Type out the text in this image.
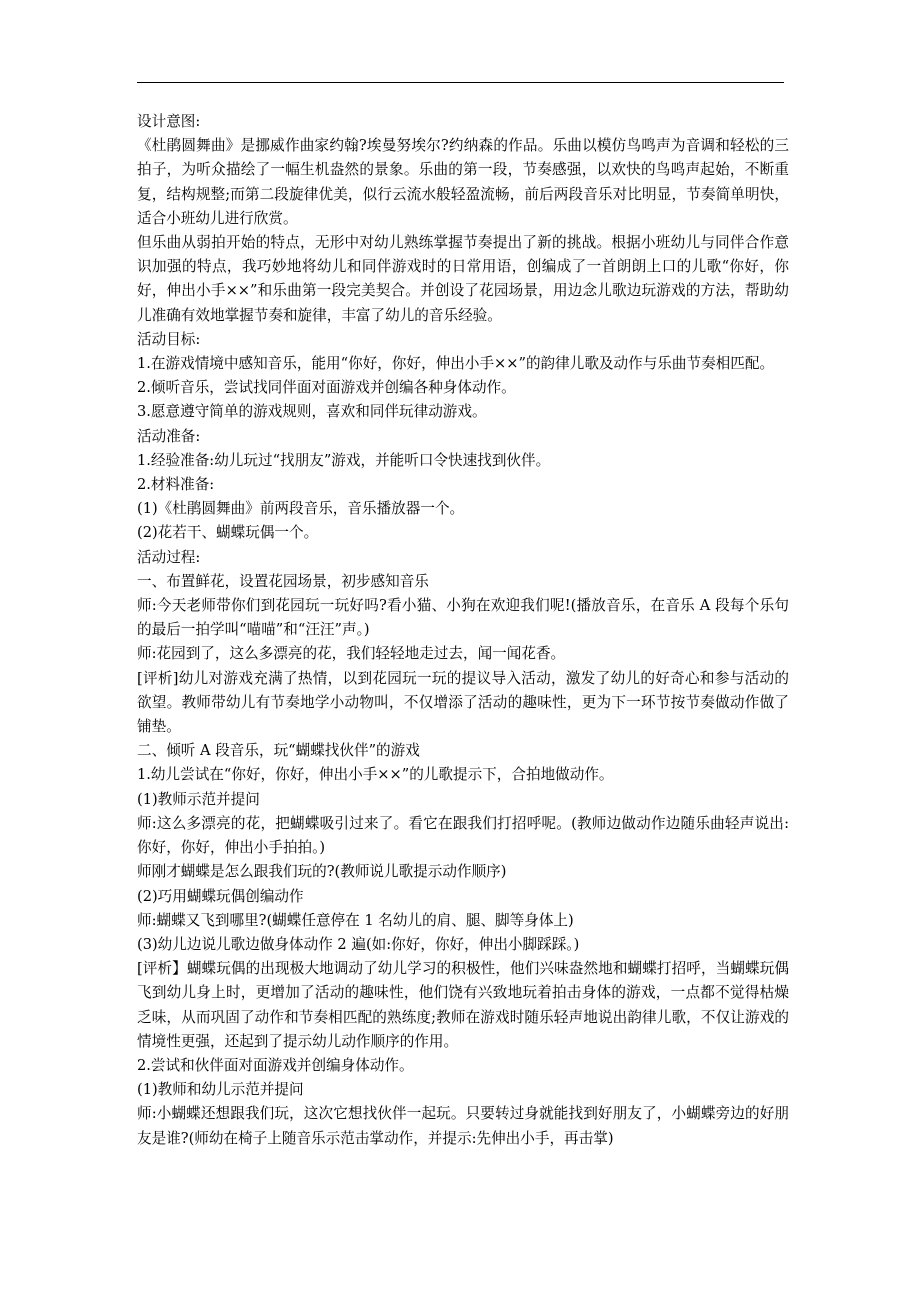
设计意图:

《杜鹃圆舞曲》是挪威作曲家约翰?埃曼努埃尔?约纳森的作品。乐曲以模仿鸟鸣声为音调和轻松的三拍子，为听众描绘了一幅生机盎然的景象。乐曲的第一段，节奏感强，以欢快的鸟鸣声起始，不断重复，结构规整;而第二段旋律优美，似行云流水般轻盈流畅，前后两段音乐对比明显，节奏简单明快，适合小班幼儿进行欣赏。

但乐曲从弱拍开始的特点，无形中对幼儿熟练掌握节奏提出了新的挑战。根据小班幼儿与同伴合作意识加强的特点，我巧妙地将幼儿和同伴游戏时的日常用语，创编成了一首朗朗上口的儿歌“你好，你好，伸出小手××”和乐曲第一段完美契合。并创设了花园场景，用边念儿歌边玩游戏的方法，帮助幼儿准确有效地掌握节奏和旋律，丰富了幼儿的音乐经验。

活动目标:

1.在游戏情境中感知音乐，能用“你好，你好，伸出小手××”的韵律儿歌及动作与乐曲节奏相匹配。

2.倾听音乐，尝试找同伴面对面游戏并创编各种身体动作。

3.愿意遵守简单的游戏规则，喜欢和同伴玩律动游戏。

活动准备:

1.经验准备:幼儿玩过“找朋友”游戏，并能听口令快速找到伙伴。

2.材料准备:

(1)《杜鹃圆舞曲》前两段音乐，音乐播放器一个。

(2)花若干、蝴蝶玩偶一个。

活动过程:

一、布置鲜花，设置花园场景，初步感知音乐

师:今天老师带你们到花园玩一玩好吗?看小猫、小狗在欢迎我们呢!(播放音乐，在音乐 A 段每个乐句的最后一拍学叫“喵喵”和“汪汪”声。)

师:花园到了，这么多漂亮的花，我们轻轻地走过去，闻一闻花香。

[评析]幼儿对游戏充满了热情，以到花园玩一玩的提议导入活动，激发了幼儿的好奇心和参与活动的欲望。教师带幼儿有节奏地学小动物叫，不仅增添了活动的趣味性，更为下一环节按节奏做动作做了铺垫。

二、倾听 A 段音乐，玩“蝴蝶找伙伴”的游戏

1.幼儿尝试在“你好，你好，伸出小手××”的儿歌提示下，合拍地做动作。

(1)教师示范并提问

师:这么多漂亮的花，把蝴蝶吸引过来了。看它在跟我们打招呼呢。(教师边做动作边随乐曲轻声说出:你好，你好，伸出小手拍拍。)

师刚才蝴蝶是怎么跟我们玩的?(教师说儿歌提示动作顺序)

(2)巧用蝴蝶玩偶创编动作

师:蝴蝶又飞到哪里?(蝴蝶任意停在 1 名幼儿的肩、腿、脚等身体上)

(3)幼儿边说儿歌边做身体动作 2 遍(如:你好，你好，伸出小脚踩踩。)

[评析】蝴蝶玩偶的出现极大地调动了幼儿学习的积极性，他们兴味盎然地和蝴蝶打招呼，当蝴蝶玩偶飞到幼儿身上时，更增加了活动的趣味性，他们饶有兴致地玩着拍击身体的游戏，一点都不觉得枯燥乏味，从而巩固了动作和节奏相匹配的熟练度;教师在游戏时随乐轻声地说出韵律儿歌，不仅让游戏的情境性更强，还起到了提示幼儿动作顺序的作用。

2.尝试和伙伴面对面游戏并创编身体动作。

(1)教师和幼儿示范并提问

师:小蝴蝶还想跟我们玩，这次它想找伙伴一起玩。只要转过身就能找到好朋友了，小蝴蝶旁边的好朋友是谁?(师幼在椅子上随音乐示范击掌动作，并提示:先伸出小手，再击掌)
